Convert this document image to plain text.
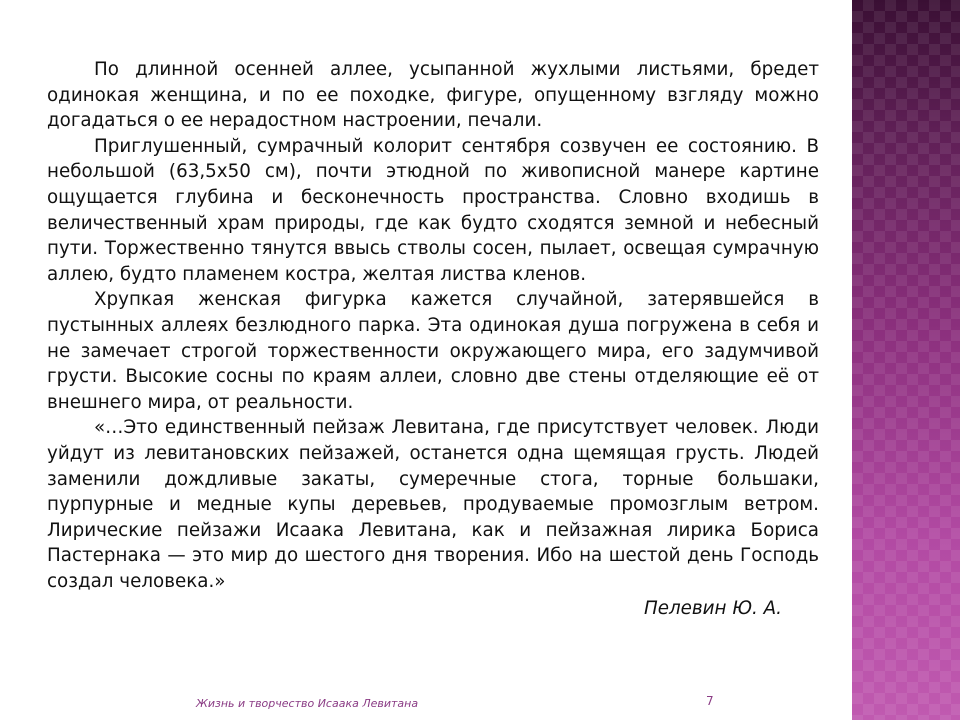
По длинной осенней аллее, усыпанной жухлыми листьями, бредет одинокая женщина, и по ее походке, фигуре, опущенному взгляду можно догадаться о ее нерадостном настроении, печали.

Приглушенный, сумрачный колорит сентября созвучен ее состоянию. В небольшой (63,5x50 см), почти этюдной по живописной манере картине ощущается глубина и бесконечность пространства. Словно входишь в величественный храм природы, где как будто сходятся земной и небесный пути. Торжественно тянутся ввысь стволы сосен, пылает, освещая сумрачную аллею, будто пламенем костра, желтая листва кленов.

Хрупкая женская фигурка кажется случайной, затерявшейся в пустынных аллеях безлюдного парка. Эта одинокая душа погружена в себя и не замечает строгой торжественности окружающего мира, его задумчивой грусти. Высокие сосны по краям аллеи, словно две стены отделяющие её от внешнего мира, от реальности.

«…Это единственный пейзаж Левитана, где присутствует человек. Люди уйдут из левитановских пейзажей, останется одна щемящая грусть. Людей заменили дождливые закаты, сумеречные стога, торные большаки, пурпурные и медные купы деревьев, продуваемые промозглым ветром. Лирические пейзажи Исаака Левитана, как и пейзажная лирика Бориса Пастернака — это мир до шестого дня творения. Ибо на шестой день Господь создал человека.»

Пелевин Ю. А.
Жизнь и творчество Исаака Левитана	7
